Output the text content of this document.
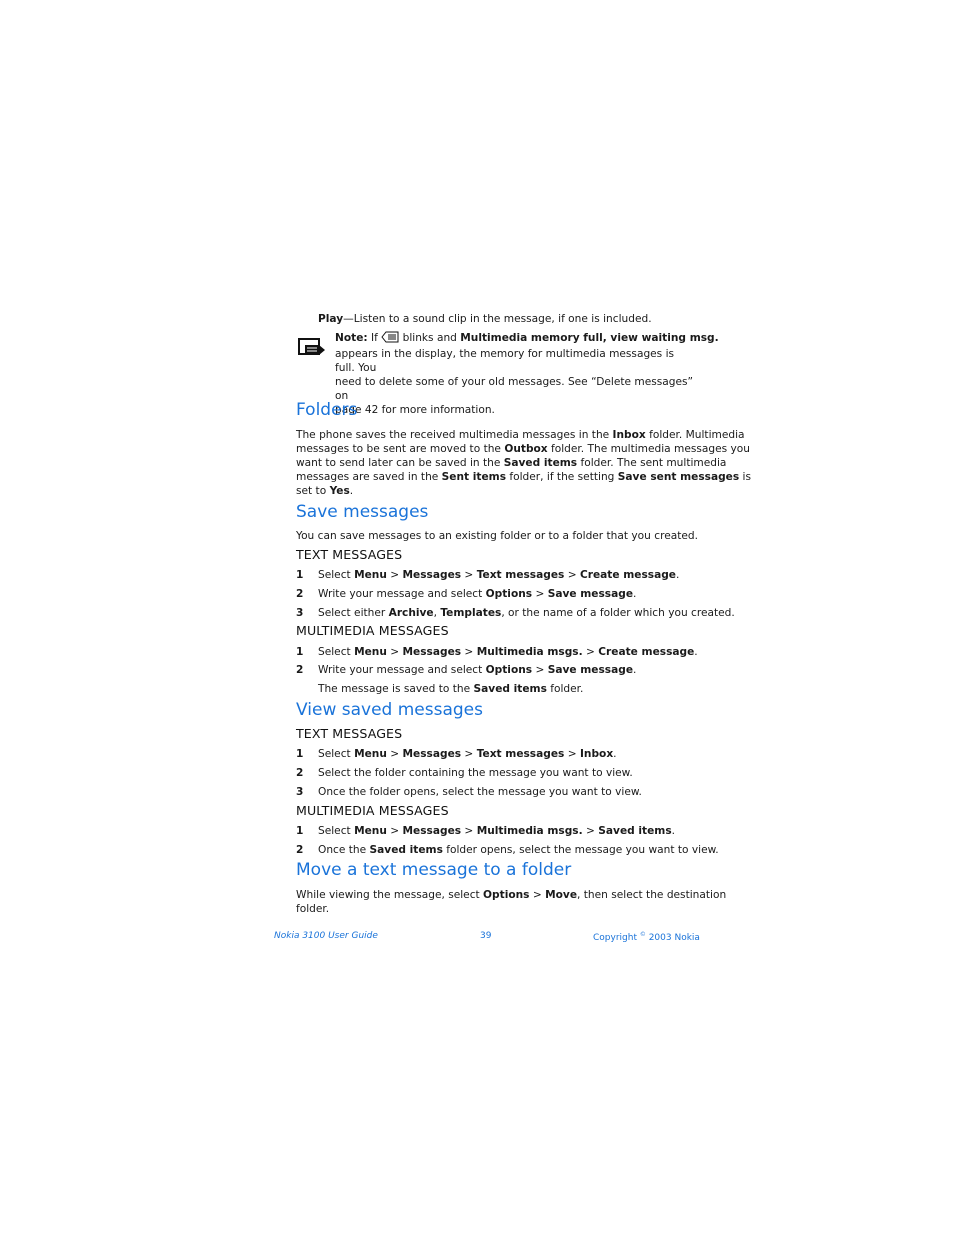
Play—Listen to a sound clip in the message, if one is included.
Note: If  blinks and Multimedia memory full, view waiting msg.
appears in the display, the memory for multimedia messages is full. You
need to delete some of your old messages. See “Delete messages” on
page 42 for more information.
Folders
The phone saves the received multimedia messages in the Inbox folder. Multimedia
messages to be sent are moved to the Outbox folder. The multimedia messages you
want to send later can be saved in the Saved items folder. The sent multimedia
messages are saved in the Sent items folder, if the setting Save sent messages is
set to Yes.
Save messages
You can save messages to an existing folder or to a folder that you created.
TEXT MESSAGES
1 Select Menu > Messages > Text messages > Create message.
2 Write your message and select Options > Save message.
3 Select either Archive, Templates, or the name of a folder which you created.
MULTIMEDIA MESSAGES
1 Select Menu > Messages > Multimedia msgs. > Create message.
2 Write your message and select Options > Save message.
The message is saved to the Saved items folder.
View saved messages
TEXT MESSAGES
1 Select Menu > Messages > Text messages > Inbox.
2 Select the folder containing the message you want to view.
3 Once the folder opens, select the message you want to view.
MULTIMEDIA MESSAGES
1 Select Menu > Messages > Multimedia msgs. > Saved items.
2 Once the Saved items folder opens, select the message you want to view.
Move a text message to a folder
While viewing the message, select Options > Move, then select the destination
folder.
Nokia 3100 User Guide	39	Copyright © 2003 Nokia
